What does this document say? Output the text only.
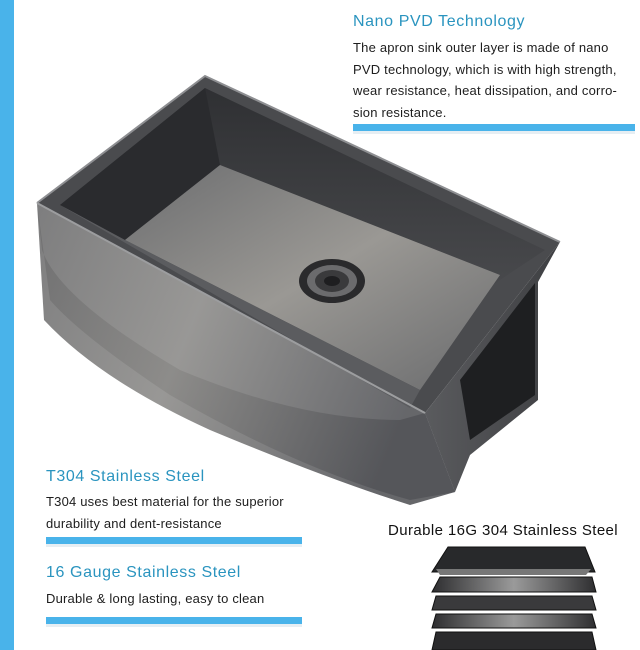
Nano PVD Technology
The apron sink outer layer is made of nano
PVD technology, which is with high strength,
wear resistance, heat dissipation, and corro-
sion resistance.
T304 Stainless Steel
T304 uses best material for the superior
durability and dent-resistance
16 Gauge Stainless Steel
Durable & long lasting, easy to clean
Durable 16G 304 Stainless Steel
